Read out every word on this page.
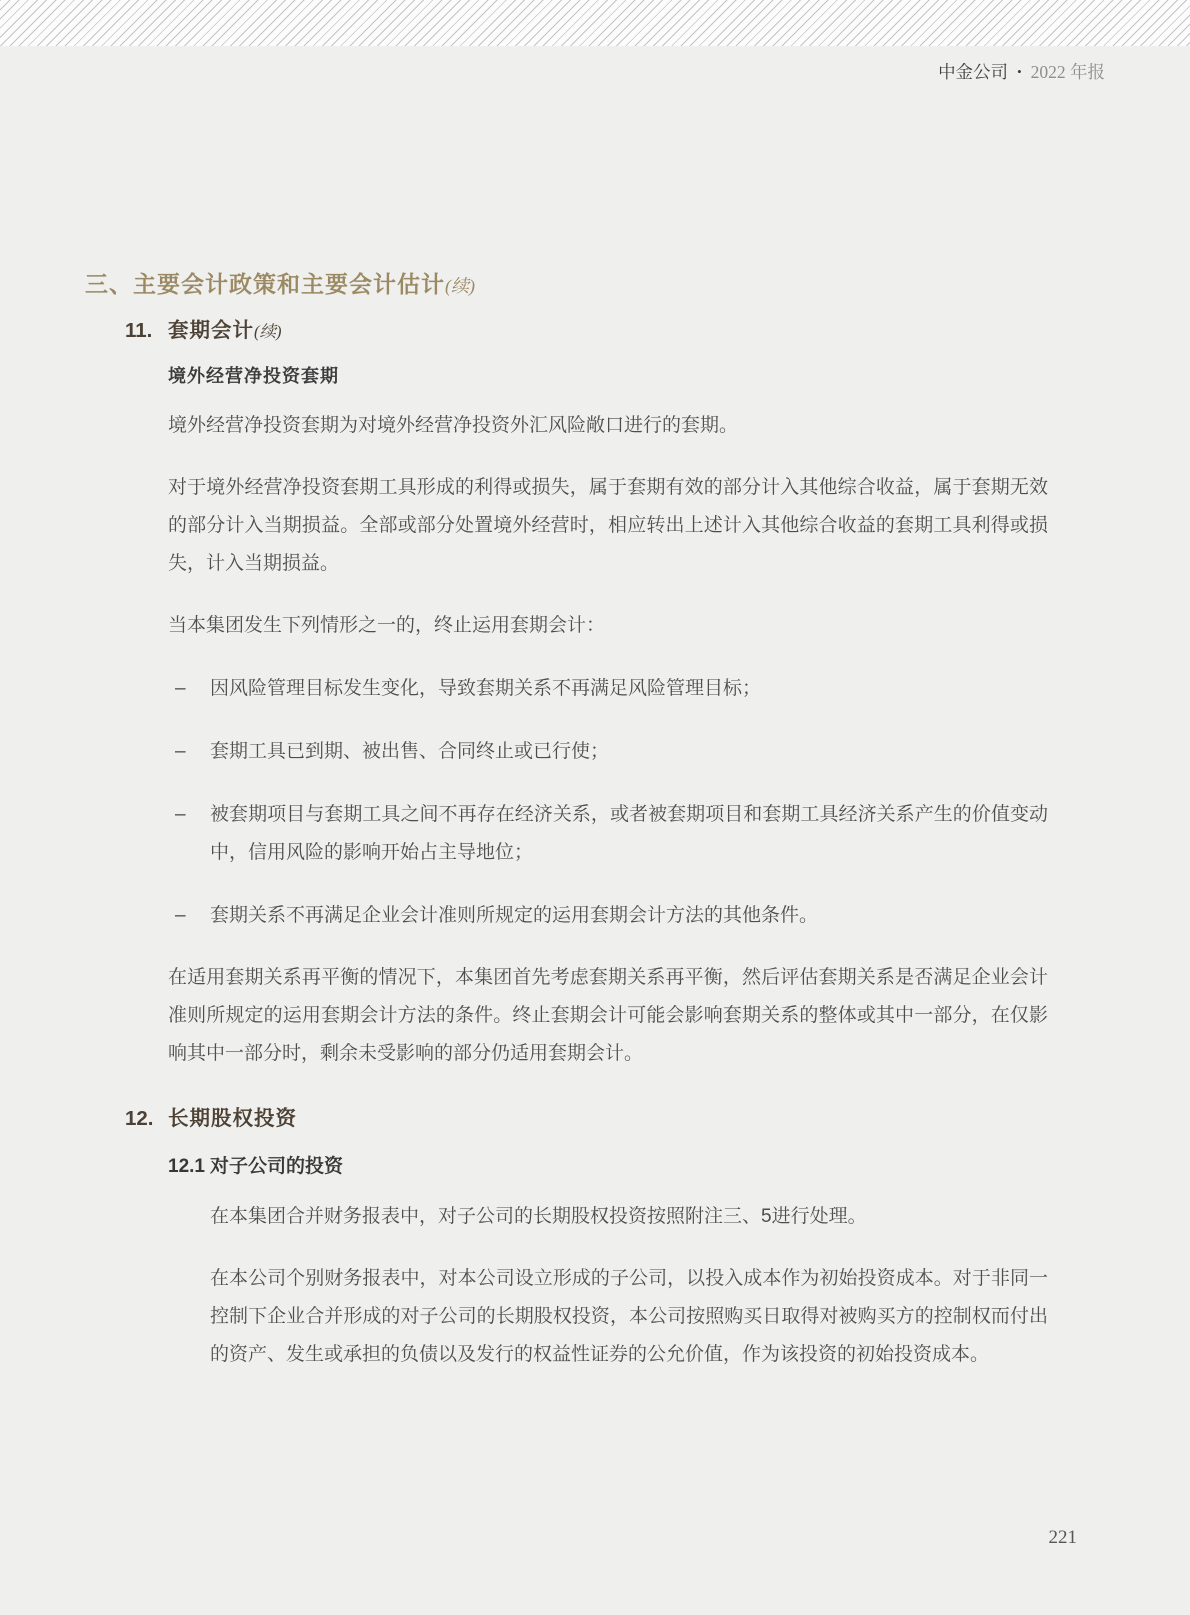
中金公司 • 2022 年报
三、主要会计政策和主要会计估计(续)
11. 套期会计(续)
境外经营净投资套期

境外经营净投资套期为对境外经营净投资外汇风险敞口进行的套期。

对于境外经营净投资套期工具形成的利得或损失，属于套期有效的部分计入其他综合收益，属于套期无效的部分计入当期损益。全部或部分处置境外经营时，相应转出上述计入其他综合收益的套期工具利得或损失，计入当期损益。

当本集团发生下列情形之一的，终止运用套期会计：

–	因风险管理目标发生变化，导致套期关系不再满足风险管理目标；
–	套期工具已到期、被出售、合同终止或已行使；
–	被套期项目与套期工具之间不再存在经济关系，或者被套期项目和套期工具经济关系产生的价值变动中，信用风险的影响开始占主导地位；
–	套期关系不再满足企业会计准则所规定的运用套期会计方法的其他条件。

在适用套期关系再平衡的情况下，本集团首先考虑套期关系再平衡，然后评估套期关系是否满足企业会计准则所规定的运用套期会计方法的条件。终止套期会计可能会影响套期关系的整体或其中一部分，在仅影响其中一部分时，剩余未受影响的部分仍适用套期会计。

12. 长期股权投资
12.1 对子公司的投资

在本集团合并财务报表中，对子公司的长期股权投资按照附注三、5进行处理。

在本公司个别财务报表中，对本公司设立形成的子公司，以投入成本作为初始投资成本。对于非同一控制下企业合并形成的对子公司的长期股权投资，本公司按照购买日取得对被购买方的控制权而付出的资产、发生或承担的负债以及发行的权益性证券的公允价值，作为该投资的初始投资成本。

221
